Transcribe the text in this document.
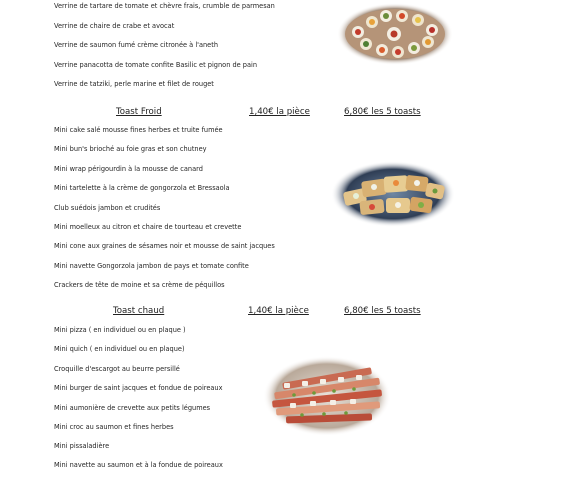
Verrine de tartare de tomate et chèvre frais, crumble de parmesan
Verrine de chaire de crabe et avocat
Verrine de saumon fumé crème citronée à l'aneth
Verrine panacotta de tomate confite Basilic et pignon de pain
Verrine de tatziki, perle marine et filet de rouget
Toast Froid	1,40€ la pièce	6,80€ les 5 toasts
Mini cake salé mousse fines herbes et truite fumée
Mini bun's brioché au foie gras et son chutney
Mini wrap périgourdin à la mousse de canard
Mini tartelette à la crème de gongorzola et Bressaola
Club suédois jambon et crudités
Mini moelleux au citron et chaire de tourteau et crevette
Mini cone aux graines de sésames noir et mousse de saint jacques
Mini navette Gongorzola jambon de pays et tomate confite
Crackers de tête de moine et sa crème de péquillos
Toast chaud	1,40€ la pièce	6,80€ les 5 toasts
Mini pizza ( en individuel ou en plaque )
Mini quich ( en individuel ou en plaque)
Croquille d'escargot au beurre persillé
Mini burger de saint jacques et fondue de poireaux
Mini aumonière de crevette aux petits légumes
Mini croc au saumon et fines herbes
Mini pissaladière
Mini navette au saumon et à la fondue de poireaux
